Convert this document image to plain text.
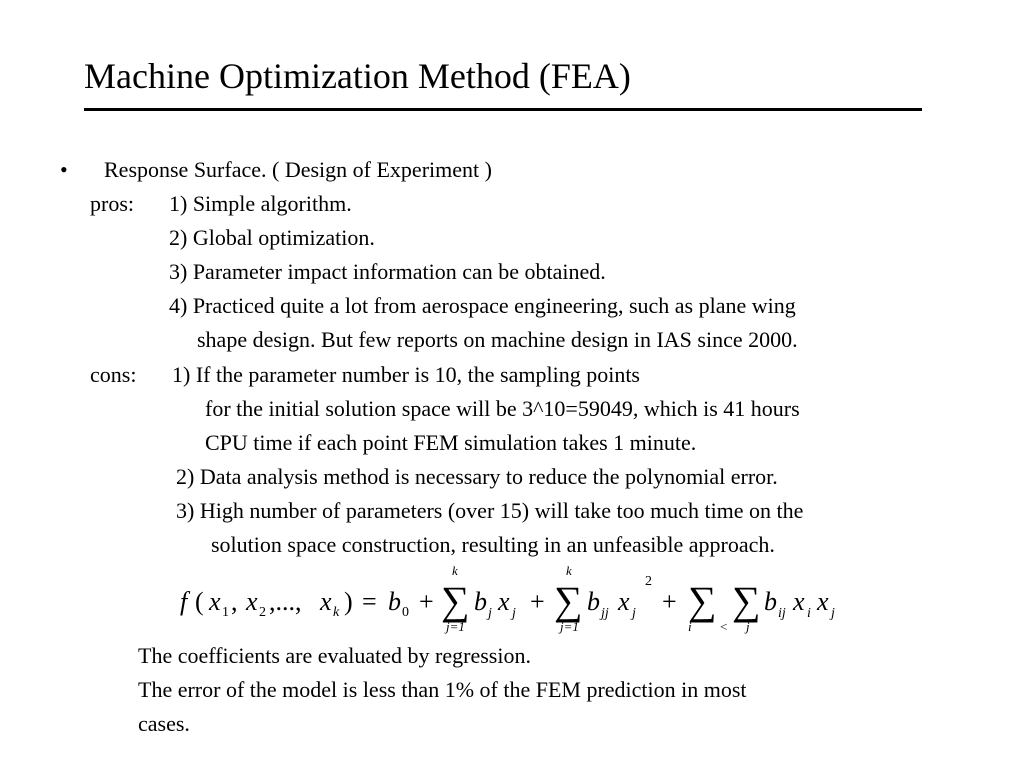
Machine Optimization Method (FEA)
• Response Surface. ( Design of Experiment )
pros: 1) Simple algorithm.
2) Global optimization.
3) Parameter impact information can be obtained.
4) Practiced quite a lot from aerospace engineering, such as plane wing
shape design. But few reports on machine design in IAS since 2000.
cons: 1) If the parameter number is 10, the sampling points
for the initial solution space will be 3^10=59049, which is 41 hours
CPU time if each point FEM simulation takes 1 minute.
2) Data analysis method is necessary to reduce the polynomial error.
3) High number of parameters (over 15) will take too much time on the
solution space construction, resulting in an unfeasible approach.
f ( x 1 , x 2 ,..., x k ) = b 0 + ∑
k
j=1
b j x j + ∑
k
j=1
b jj x j
2
+ ∑
i <
∑
j
b ij x i x j
The coefficients are evaluated by regression.
The error of the model is less than 1% of the FEM prediction in most
cases.
